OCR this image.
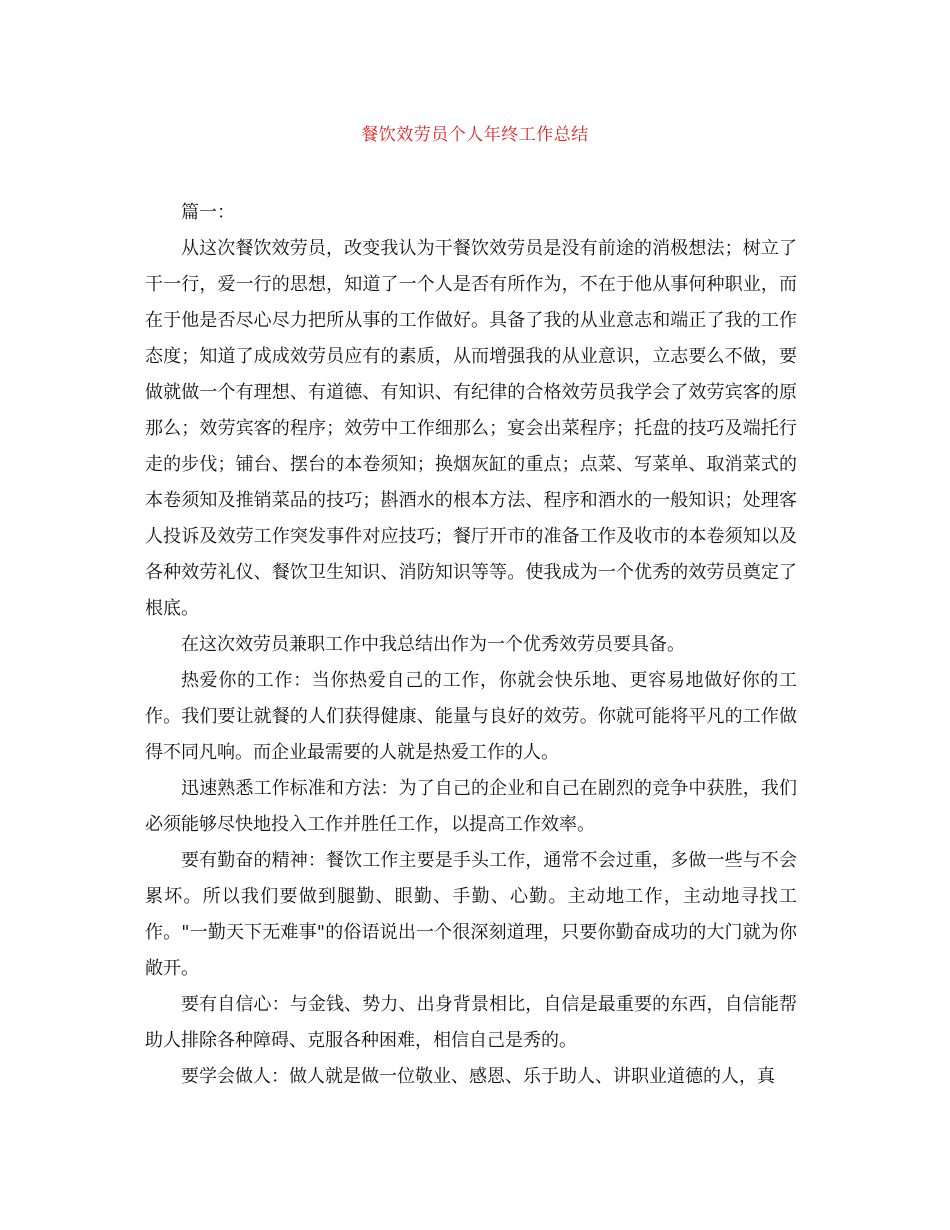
餐饮效劳员个人年终工作总结

篇一：

从这次餐饮效劳员，改变我认为干餐饮效劳员是没有前途的消极想法；树立了干一行，爱一行的思想，知道了一个人是否有所作为，不在于他从事何种职业，而在于他是否尽心尽力把所从事的工作做好。具备了我的从业意志和端正了我的工作态度；知道了成成效劳员应有的素质，从而增强我的从业意识，立志要么不做，要做就做一个有理想、有道德、有知识、有纪律的合格效劳员我学会了效劳宾客的原那么；效劳宾客的程序；效劳中工作细那么；宴会出菜程序；托盘的技巧及端托行走的步伐；铺台、摆台的本卷须知；换烟灰缸的重点；点菜、写菜单、取消菜式的本卷须知及推销菜品的技巧；斟酒水的根本方法、程序和酒水的一般知识；处理客人投诉及效劳工作突发事件对应技巧；餐厅开市的准备工作及收市的本卷须知以及各种效劳礼仪、餐饮卫生知识、消防知识等等。使我成为一个优秀的效劳员奠定了根底。

在这次效劳员兼职工作中我总结出作为一个优秀效劳员要具备。

热爱你的工作：当你热爱自己的工作，你就会快乐地、更容易地做好你的工作。我们要让就餐的人们获得健康、能量与良好的效劳。你就可能将平凡的工作做得不同凡响。而企业最需要的人就是热爱工作的人。

迅速熟悉工作标准和方法：为了自己的企业和自己在剧烈的竞争中获胜，我们必须能够尽快地投入工作并胜任工作，以提高工作效率。

要有勤奋的精神：餐饮工作主要是手头工作，通常不会过重，多做一些与不会累坏。所以我们要做到腿勤、眼勤、手勤、心勤。主动地工作，主动地寻找工作。"一勤天下无难事"的俗语说出一个很深刻道理，只要你勤奋成功的大门就为你敞开。

要有自信心：与金钱、势力、出身背景相比，自信是最重要的东西，自信能帮助人排除各种障碍、克服各种困难，相信自己是秀的。

要学会做人：做人就是做一位敬业、感恩、乐于助人、讲职业道德的人，真
